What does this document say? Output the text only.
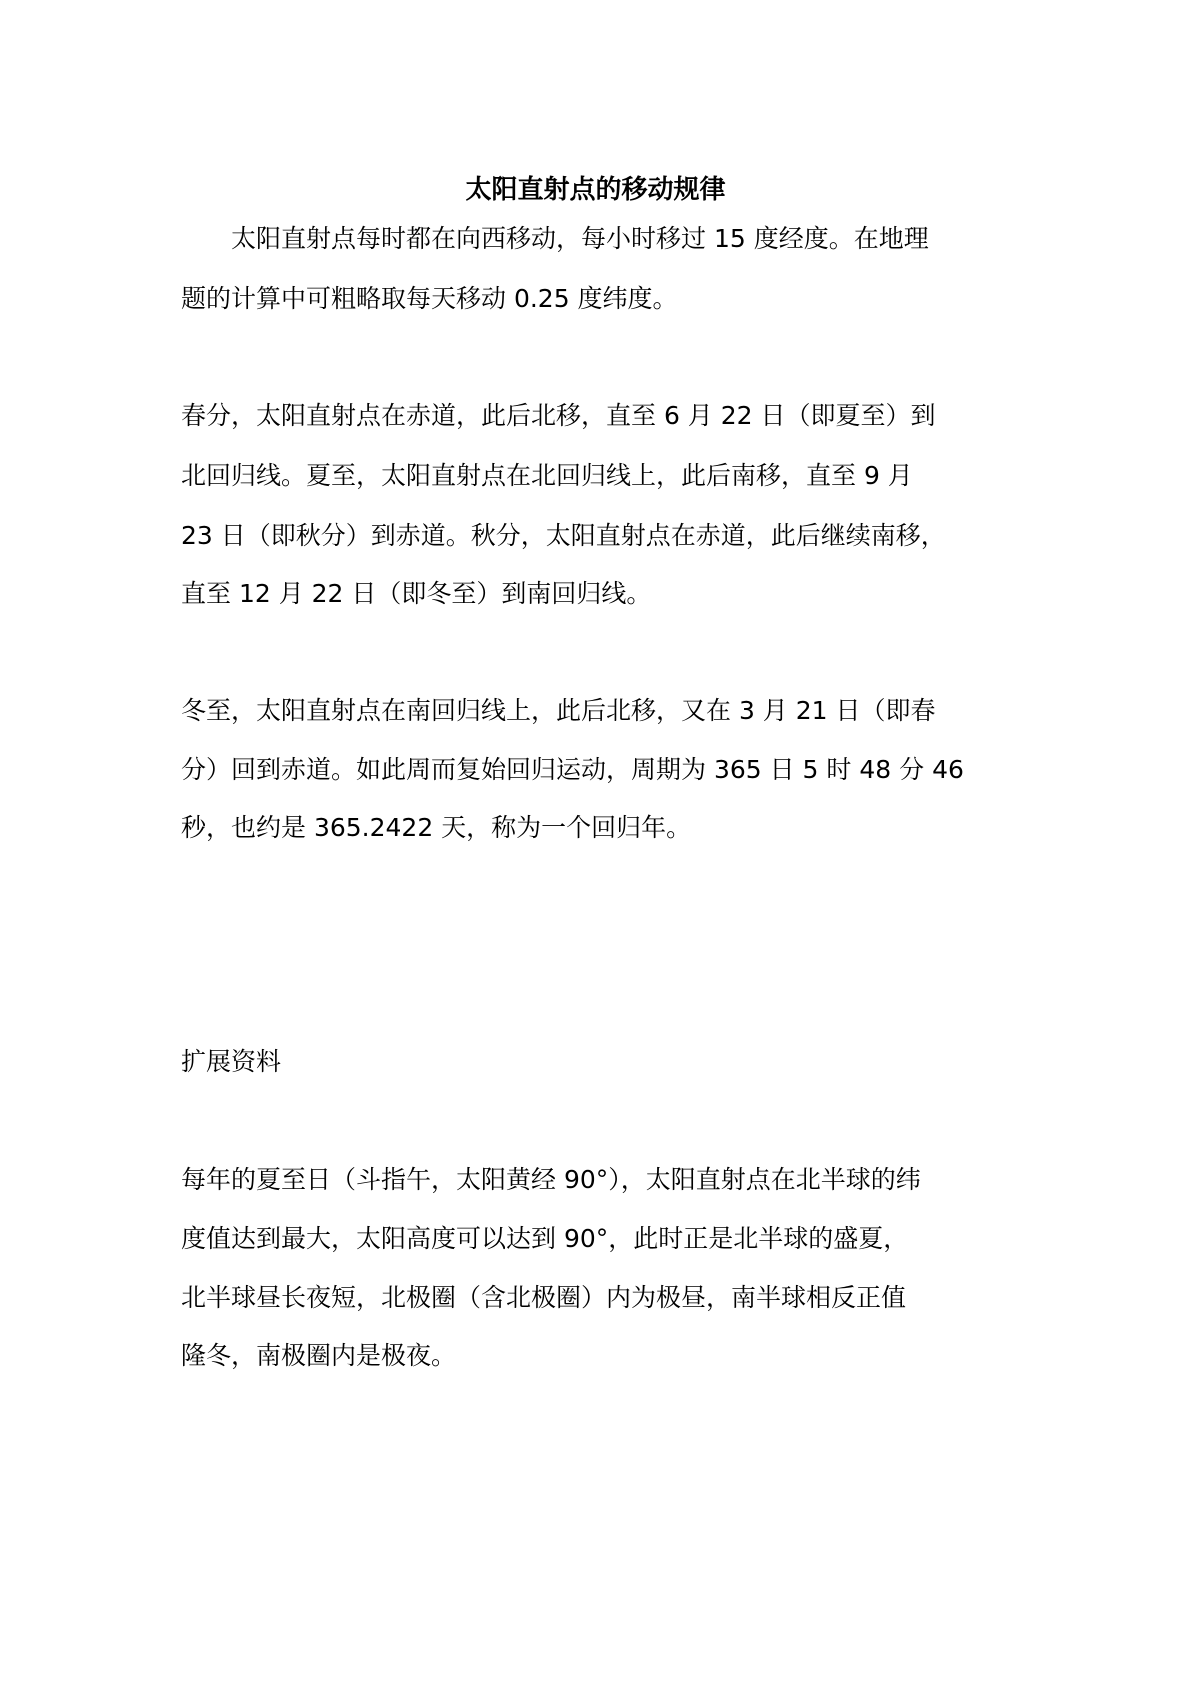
太阳直射点的移动规律

　　太阳直射点每时都在向西移动，每小时移过 15 度经度。在地理

题的计算中可粗略取每天移动 0.25 度纬度。

春分，太阳直射点在赤道，此后北移，直至 6 月 22 日（即夏至）到

北回归线。夏至，太阳直射点在北回归线上，此后南移，直至 9 月

23 日（即秋分）到赤道。秋分，太阳直射点在赤道，此后继续南移，

直至 12 月 22 日（即冬至）到南回归线。

冬至，太阳直射点在南回归线上，此后北移，又在 3 月 21 日（即春

分）回到赤道。如此周而复始回归运动，周期为 365 日 5 时 48 分 46

秒，也约是 365.2422 天，称为一个回归年。

扩展资料

每年的夏至日（斗指午，太阳黄经 90°），太阳直射点在北半球的纬

度值达到最大，太阳高度可以达到 90°，此时正是北半球的盛夏，

北半球昼长夜短，北极圈（含北极圈）内为极昼，南半球相反正值

隆冬，南极圈内是极夜。
